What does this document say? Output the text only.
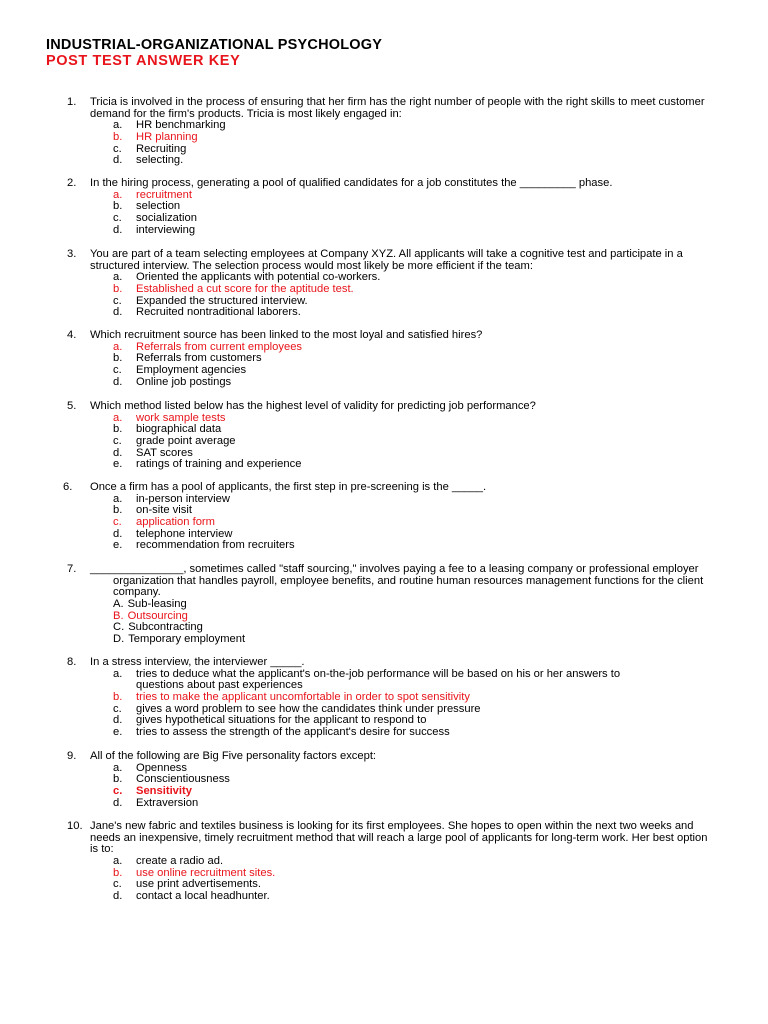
INDUSTRIAL-ORGANIZATIONAL PSYCHOLOGY
POST TEST ANSWER KEY
1. Tricia is involved in the process of ensuring that her firm has the right number of people with the right skills to meet customer demand for the firm's products. Tricia is most likely engaged in:
a. HR benchmarking
b. HR planning
c. Recruiting
d. selecting.
2. In the hiring process, generating a pool of qualified candidates for a job constitutes the _________ phase.
a. recruitment
b. selection
c. socialization
d. interviewing
3. You are part of a team selecting employees at Company XYZ. All applicants will take a cognitive test and participate in a structured interview. The selection process would most likely be more efficient if the team:
a. Oriented the applicants with potential co-workers.
b. Established a cut score for the aptitude test.
c. Expanded the structured interview.
d. Recruited nontraditional laborers.
4. Which recruitment source has been linked to the most loyal and satisfied hires?
a. Referrals from current employees
b. Referrals from customers
c. Employment agencies
d. Online job postings
5. Which method listed below has the highest level of validity for predicting job performance?
a. work sample tests
b. biographical data
c. grade point average
d. SAT scores
e. ratings of training and experience
6. Once a firm has a pool of applicants, the first step in pre-screening is the _____.
a. in-person interview
b. on-site visit
c. application form
d. telephone interview
e. recommendation from recruiters
7. _______________, sometimes called "staff sourcing," involves paying a fee to a leasing company or professional employer organization that handles payroll, employee benefits, and routine human resources management functions for the client company.
A. Sub-leasing
B. Outsourcing
C. Subcontracting
D. Temporary employment
8. In a stress interview, the interviewer _____.
a. tries to deduce what the applicant's on-the-job performance will be based on his or her answers to
questions about past experiences
b. tries to make the applicant uncomfortable in order to spot sensitivity
c. gives a word problem to see how the candidates think under pressure
d. gives hypothetical situations for the applicant to respond to
e. tries to assess the strength of the applicant's desire for success
9. All of the following are Big Five personality factors except:
a. Openness
b. Conscientiousness
c. Sensitivity
d. Extraversion
10. Jane's new fabric and textiles business is looking for its first employees. She hopes to open within the next two weeks and needs an inexpensive, timely recruitment method that will reach a large pool of applicants for long-term work. Her best option is to:
a. create a radio ad.
b. use online recruitment sites.
c. use print advertisements.
d. contact a local headhunter.
